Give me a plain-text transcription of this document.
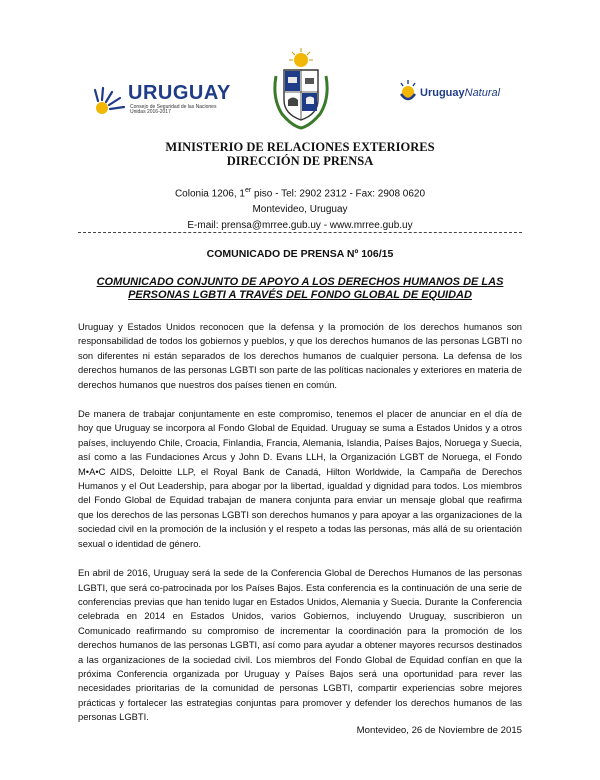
URUGUAY
Consejo de Seguridad de las Naciones Unidas 2016-2017
UruguayNatural
MINISTERIO DE RELACIONES EXTERIORES
DIRECCIÓN DE PRENSA
Colonia 1206, 1er piso - Tel: 2902 2312 - Fax: 2908 0620
Montevideo, Uruguay
E-mail: prensa@mrree.gub.uy - www.mrree.gub.uy
COMUNICADO DE PRENSA Nº 106/15
COMUNICADO CONJUNTO DE APOYO A LOS DERECHOS HUMANOS DE LAS PERSONAS LGBTI A TRAVÉS DEL FONDO GLOBAL DE EQUIDAD

Uruguay y Estados Unidos reconocen que la defensa y la promoción de los derechos humanos son responsabilidad de todos los gobiernos y pueblos, y que los derechos humanos de las personas LGBTI no son diferentes ni están separados de los derechos humanos de cualquier persona. La defensa de los derechos humanos de las personas LGBTI son parte de las políticas nacionales y exteriores en materia de derechos humanos que nuestros dos países tienen en común.

De manera de trabajar conjuntamente en este compromiso, tenemos el placer de anunciar en el día de hoy que Uruguay se incorpora al Fondo Global de Equidad. Uruguay se suma a Estados Unidos y a otros países, incluyendo Chile, Croacia, Finlandia, Francia, Alemania, Islandia, Países Bajos, Noruega y Suecia, así como a las Fundaciones Arcus y John D. Evans LLH, la Organización LGBT de Noruega, el Fondo M•A•C AIDS, Deloitte LLP, el Royal Bank de Canadá, Hilton Worldwide, la Campaña de Derechos Humanos y el Out Leadership, para abogar por la libertad, igualdad y dignidad para todos. Los miembros del Fondo Global de Equidad trabajan de manera conjunta para enviar un mensaje global que reafirma que los derechos de las personas LGBTI son derechos humanos y para apoyar a las organizaciones de la sociedad civil en la promoción de la inclusión y el respeto a todas las personas, más allá de su orientación sexual o identidad de género.

En abril de 2016, Uruguay será la sede de la Conferencia Global de Derechos Humanos de las personas LGBTI, que será co-patrocinada por los Países Bajos. Esta conferencia es la continuación de una serie de conferencias previas que han tenido lugar en Estados Unidos, Alemania y Suecia. Durante la Conferencia celebrada en 2014 en Estados Unidos, varios Gobiernos, incluyendo Uruguay, suscribieron un Comunicado reafirmando su compromiso de incrementar la coordinación para la promoción de los derechos humanos de las personas LGBTI, así como para ayudar a obtener mayores recursos destinados a las organizaciones de la sociedad civil. Los miembros del Fondo Global de Equidad confían en que la próxima Conferencia organizada por Uruguay y Países Bajos será una oportunidad para rever las necesidades prioritarias de la comunidad de personas LGBTI, compartir experiencias sobre mejores prácticas y fortalecer las estrategias conjuntas para promover y defender los derechos humanos de las personas LGBTI.

Montevideo, 26 de Noviembre de 2015
